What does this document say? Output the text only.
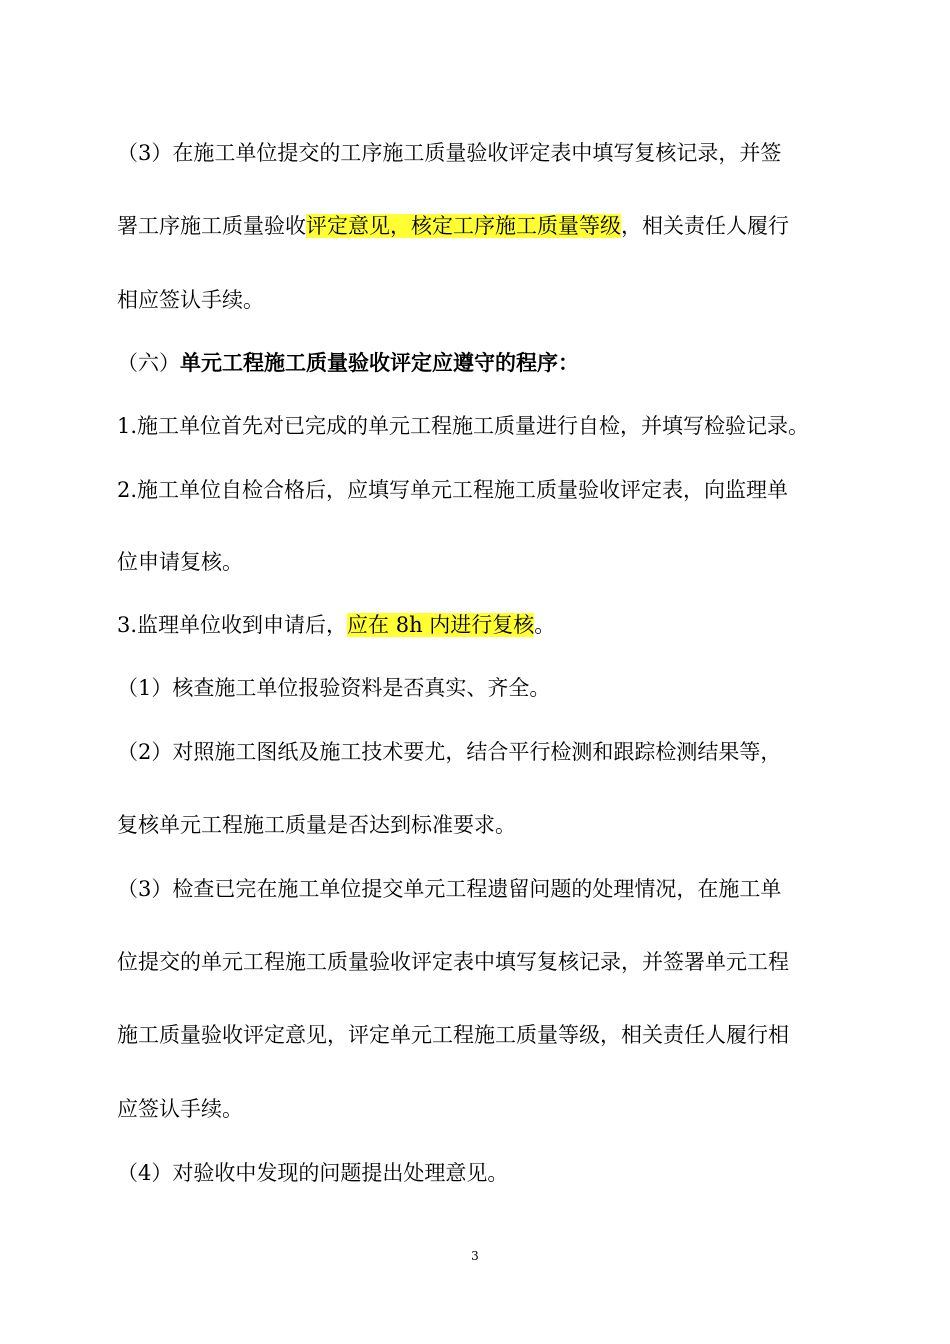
（3）在施工单位提交的工序施工质量验收评定表中填写复核记录，并签
署工序施工质量验收评定意见，核定工序施工质量等级，相关责任人履行
相应签认手续。
（六）单元工程施工质量验收评定应遵守的程序：
1.施工单位首先对已完成的单元工程施工质量进行自检，并填写检验记录。
2.施工单位自检合格后，应填写单元工程施工质量验收评定表，向监理单
位申请复核。
3.监理单位收到申请后，应在 8h 内进行复核。
（1）核查施工单位报验资料是否真实、齐全。
（2）对照施工图纸及施工技术要尤，结合平行检测和跟踪检测结果等，
复核单元工程施工质量是否达到标准要求。
（3）检查已完在施工单位提交单元工程遗留问题的处理情况，在施工单
位提交的单元工程施工质量验收评定表中填写复核记录，并签署单元工程
施工质量验收评定意见，评定单元工程施工质量等级，相关责任人履行相
应签认手续。
（4）对验收中发现的问题提出处理意见。
3
